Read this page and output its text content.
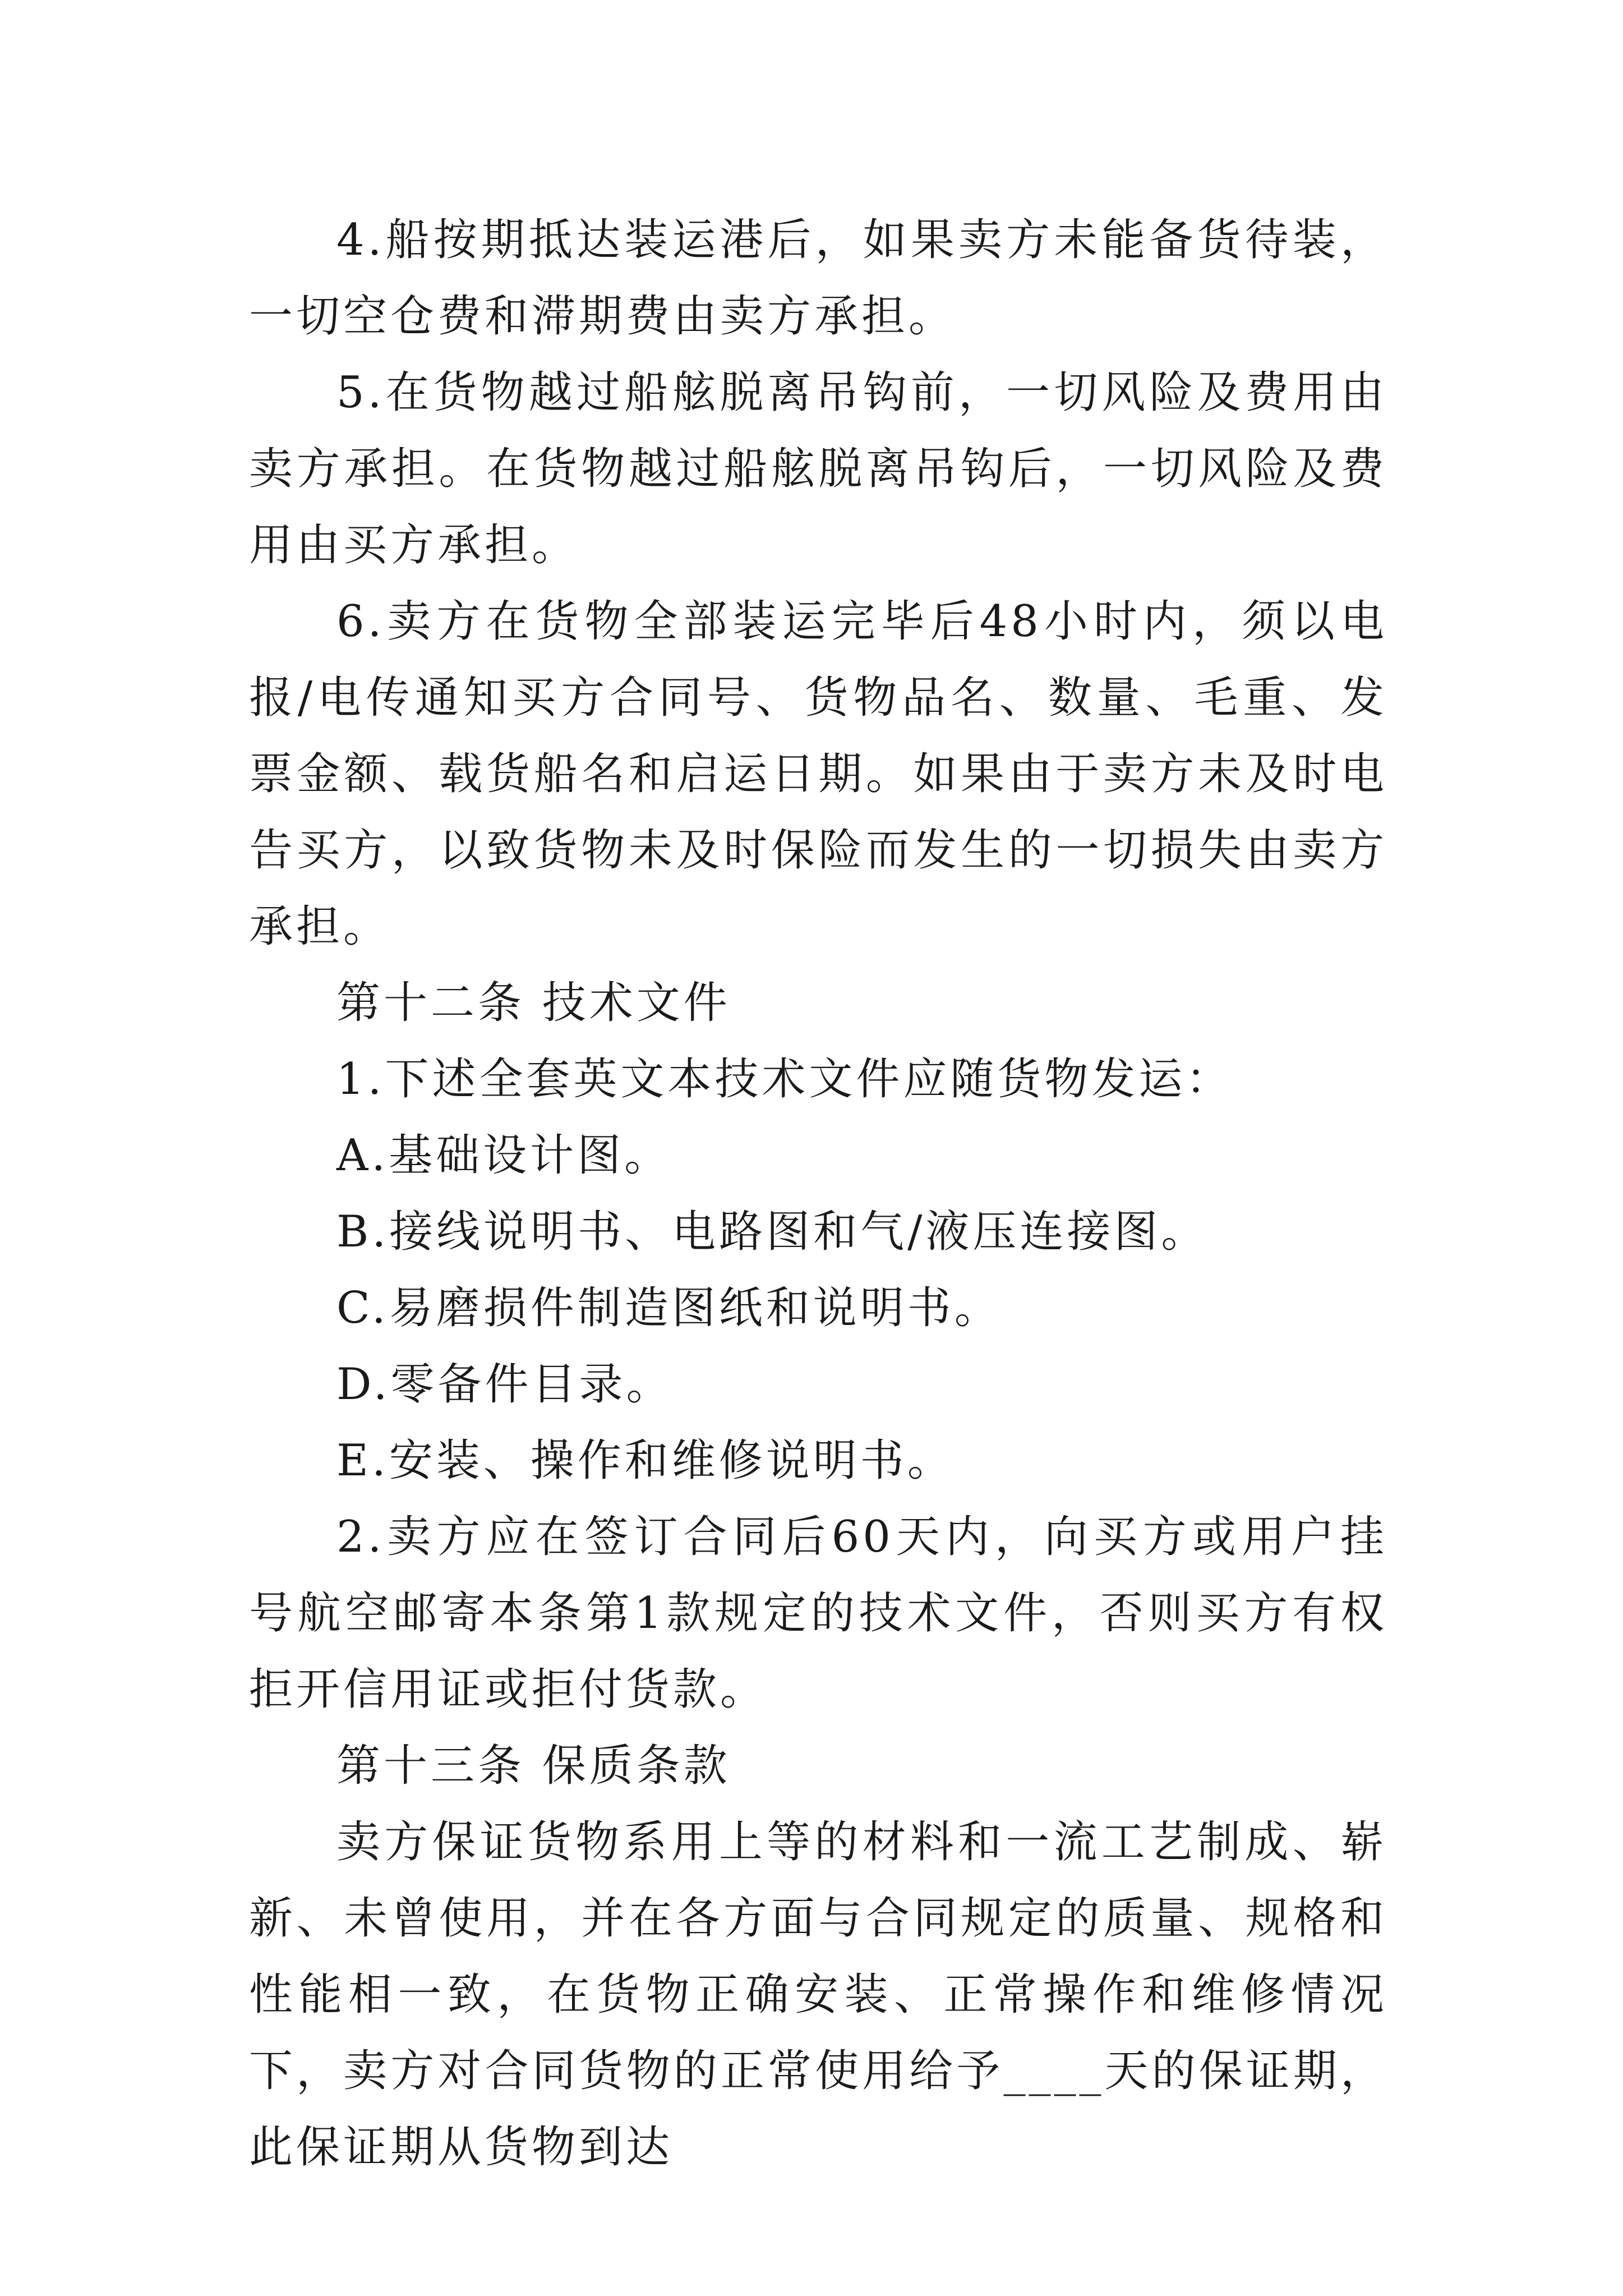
4.船按期抵达装运港后，如果卖方未能备货待装，一切空仓费和滞期费由卖方承担。

5.在货物越过船舷脱离吊钩前，一切风险及费用由卖方承担。在货物越过船舷脱离吊钩后，一切风险及费用由买方承担。

6.卖方在货物全部装运完毕后48小时内，须以电报/电传通知买方合同号、货物品名、数量、毛重、发票金额、载货船名和启运日期。如果由于卖方未及时电告买方，以致货物未及时保险而发生的一切损失由卖方承担。

第十二条 技术文件

1.下述全套英文本技术文件应随货物发运：

A.基础设计图。

B.接线说明书、电路图和气/液压连接图。

C.易磨损件制造图纸和说明书。

D.零备件目录。

E.安装、操作和维修说明书。

2.卖方应在签订合同后60天内，向买方或用户挂号航空邮寄本条第1款规定的技术文件，否则买方有权拒开信用证或拒付货款。

第十三条 保质条款

卖方保证货物系用上等的材料和一流工艺制成、崭新、未曾使用，并在各方面与合同规定的质量、规格和性能相一致，在货物正确安装、正常操作和维修情况下，卖方对合同货物的正常使用给予____天的保证期，此保证期从货物到达
